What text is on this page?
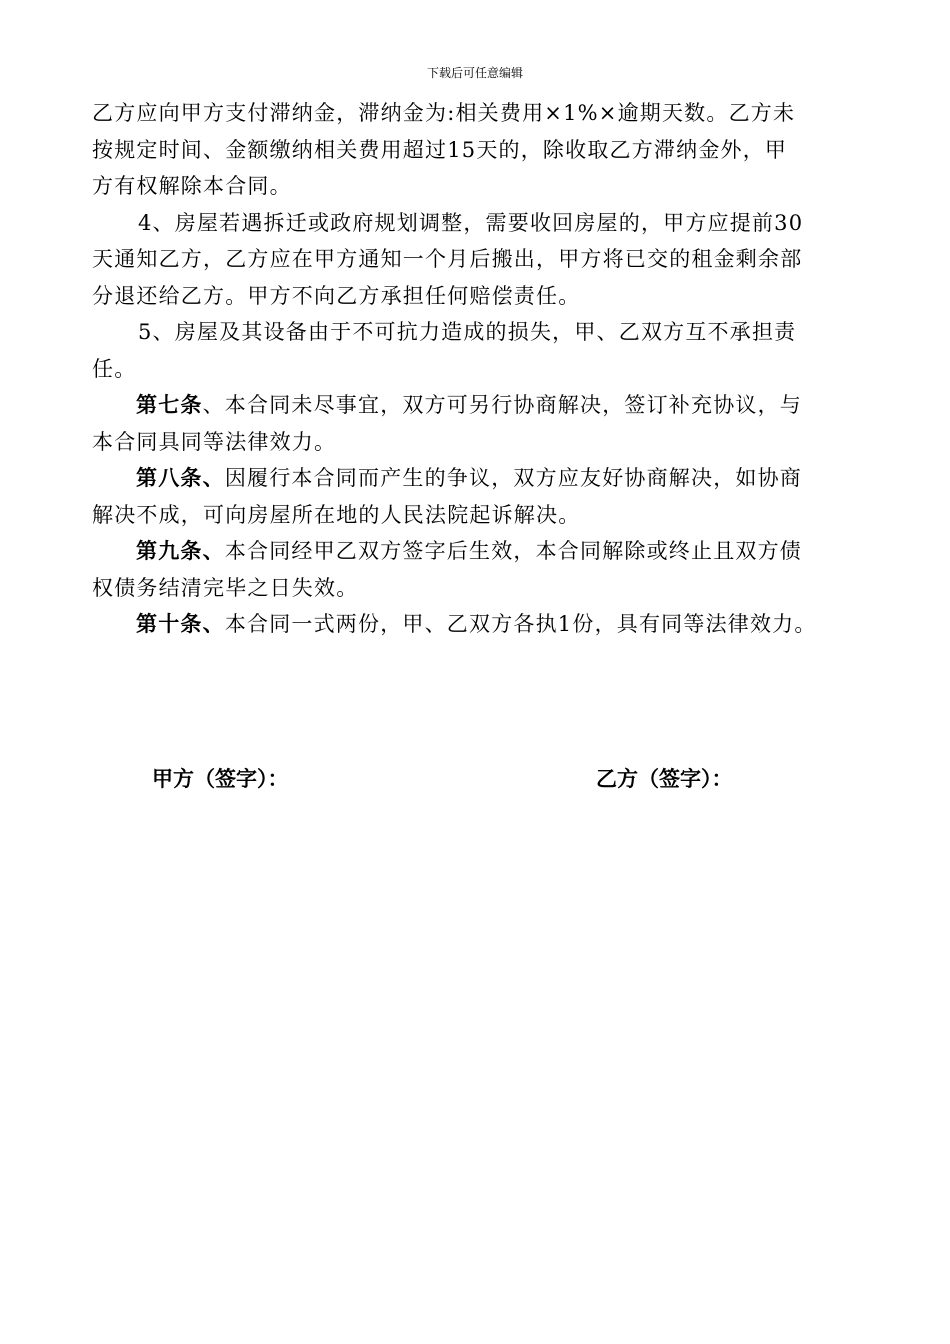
下载后可任意编辑

乙方应向甲方支付滞纳金，滞纳金为:相关费用×1%×逾期天数。乙方未
按规定时间、金额缴纳相关费用超过15天的，除收取乙方滞纳金外，甲
方有权解除本合同。

4、房屋若遇拆迁或政府规划调整，需要收回房屋的，甲方应提前30
天通知乙方，乙方应在甲方通知一个月后搬出，甲方将已交的租金剩余部
分退还给乙方。甲方不向乙方承担任何赔偿责任。

5、房屋及其设备由于不可抗力造成的损失，甲、乙双方互不承担责
任。

第七条、本合同未尽事宜，双方可另行协商解决，签订补充协议，与
本合同具同等法律效力。

第八条、因履行本合同而产生的争议，双方应友好协商解决，如协商
解决不成，可向房屋所在地的人民法院起诉解决。

第九条、本合同经甲乙双方签字后生效，本合同解除或终止且双方债
权债务结清完毕之日失效。

第十条、本合同一式两份，甲、乙双方各执1份，具有同等法律效力。

甲方（签字）：	乙方（签字）：
